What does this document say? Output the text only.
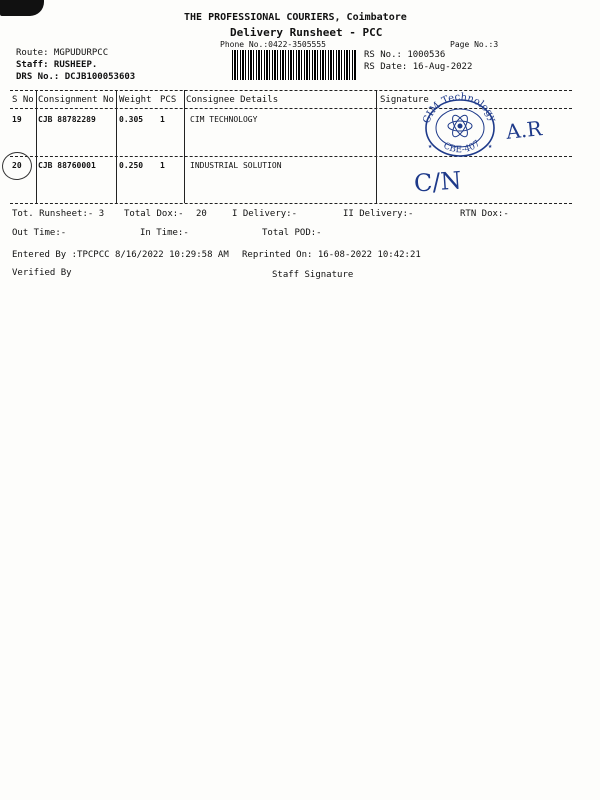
THE PROFESSIONAL COURIERS, Coimbatore
Delivery Runsheet - PCC
Phone No.:0422-3505555	Page No.:3
Route: MGPUDURPCC
Staff: RUSHEEP.
DRS No.: DCJB100053603
RS No.: 1000536
RS Date: 16-Aug-2022
S No Consignment No Weight PCS Consignee Details	Signature
19 CJB 88782289	0.305 1	CIM TECHNOLOGY
20 CJB 88760001	0.250 1	INDUSTRIAL SOLUTION
CIM Technology
CBE-407
★	★
A.R
C/N
Tot. Runsheet:- 3 Total Dox:- 20	I Delivery:-	II Delivery:-	RTN Dox:-
Out Time:-	In Time:-	Total POD:-
Entered By :TPCPCC 8/16/2022 10:29:58 AM Reprinted On: 16-08-2022 10:42:21
Verified By	Staff Signature
